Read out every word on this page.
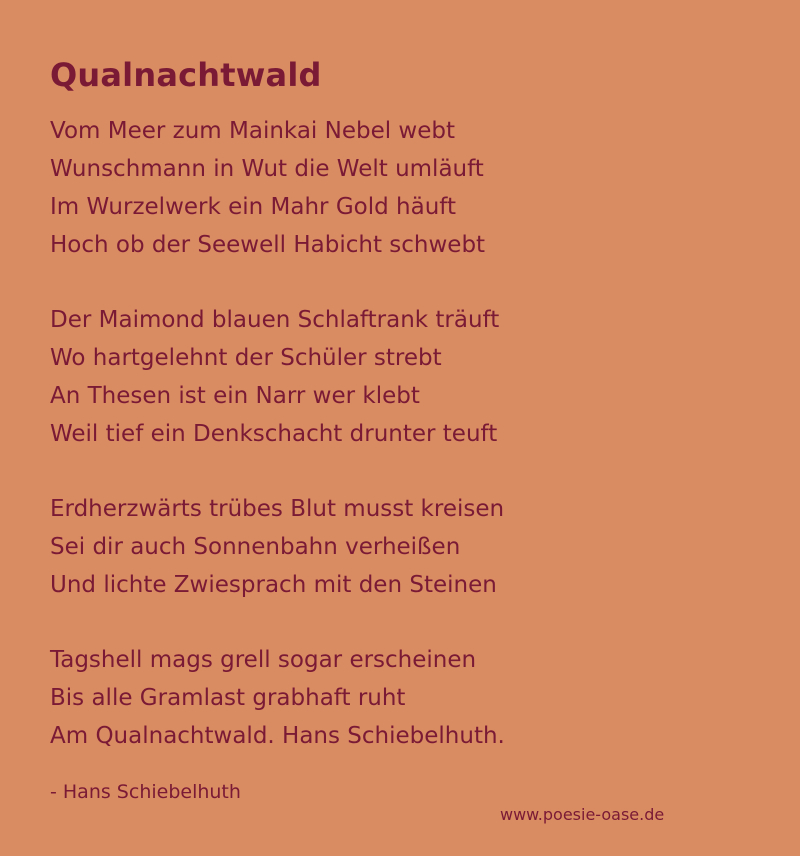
Qualnachtwald
Vom Meer zum Mainkai Nebel webt
Wunschmann in Wut die Welt umläuft
Im Wurzelwerk ein Mahr Gold häuft
Hoch ob der Seewell Habicht schwebt
Der Maimond blauen Schlaftrank träuft
Wo hartgelehnt der Schüler strebt
An Thesen ist ein Narr wer klebt
Weil tief ein Denkschacht drunter teuft
Erdherzwärts trübes Blut musst kreisen
Sei dir auch Sonnenbahn verheißen
Und lichte Zwiesprach mit den Steinen
Tagshell mags grell sogar erscheinen
Bis alle Gramlast grabhaft ruht
Am Qualnachtwald. Hans Schiebelhuth.
- Hans Schiebelhuth
www.poesie-oase.de
